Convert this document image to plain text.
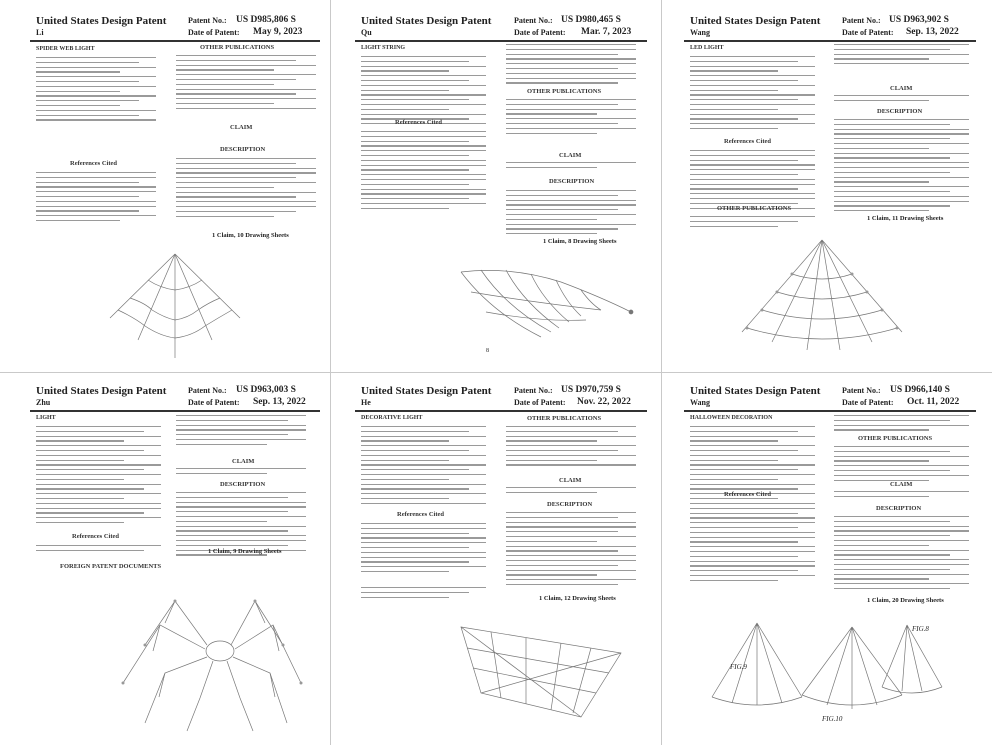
United States Design Patent
Li
Patent No.: US D985,806 S
Date of Patent: May 9, 2023
SPIDER WEB LIGHT
References Cited
OTHER PUBLICATIONS
CLAIM
DESCRIPTION
1 Claim, 10 Drawing Sheets
United States Design Patent
Qu
Patent No.: US D980,465 S
Date of Patent: Mar. 7, 2023
LIGHT STRING
References Cited
OTHER PUBLICATIONS
CLAIM
DESCRIPTION
1 Claim, 8 Drawing Sheets
8
United States Design Patent
Wang
Patent No.: US D963,902 S
Date of Patent: Sep. 13, 2022
LED LIGHT
References Cited
OTHER PUBLICATIONS
CLAIM
DESCRIPTION
1 Claim, 11 Drawing Sheets
United States Design Patent
Zhu
Patent No.: US D963,003 S
Date of Patent: Sep. 13, 2022
LIGHT
References Cited
FOREIGN PATENT DOCUMENTS
CLAIM
DESCRIPTION
1 Claim, 9 Drawing Sheets
United States Design Patent
He
Patent No.: US D970,759 S
Date of Patent: Nov. 22, 2022
DECORATIVE LIGHT
References Cited
OTHER PUBLICATIONS
CLAIM
DESCRIPTION
1 Claim, 12 Drawing Sheets
United States Design Patent
Wang
Patent No.: US D966,140 S
Date of Patent: Oct. 11, 2022
HALLOWEEN DECORATION
References Cited
OTHER PUBLICATIONS
CLAIM
DESCRIPTION
1 Claim, 20 Drawing Sheets
FIG.9
FIG.8
FIG.10
